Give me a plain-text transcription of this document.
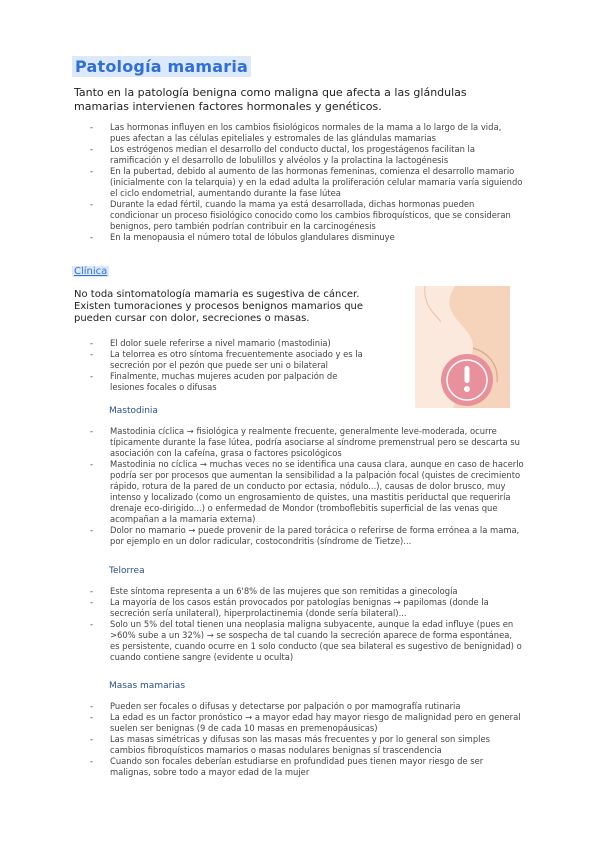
Patología mamaria
Tanto en la patología benigna como maligna que afecta a las glándulas mamarias intervienen factores hormonales y genéticos.
- Las hormonas influyen en los cambios fisiológicos normales de la mama a lo largo de la vida, pues afectan a las células epiteliales y estromales de las glándulas mamarias
- Los estrógenos median el desarrollo del conducto ductal, los progestágenos facilitan la ramificación y el desarrollo de lobulillos y alvéolos y la prolactina la lactogénesis
- En la pubertad, debido al aumento de las hormonas femeninas, comienza el desarrollo mamario (inicialmente con la telarquia) y en la edad adulta la proliferación celular mamaria varía siguiendo el ciclo endometrial, aumentando durante la fase lútea
- Durante la edad fértil, cuando la mama ya está desarrollada, dichas hormonas pueden condicionar un proceso fisiológico conocido como los cambios fibroquísticos, que se consideran benignos, pero también podrían contribuir en la carcinogénesis
- En la menopausia el número total de lóbulos glandulares disminuye
Clínica
No toda sintomatología mamaria es sugestiva de cáncer. Existen tumoraciones y procesos benignos mamarios que pueden cursar con dolor, secreciones o masas.
- El dolor suele referirse a nivel mamario (mastodinia)
- La telorrea es otro síntoma frecuentemente asociado y es la secreción por el pezón que puede ser uni o bilateral
- Finalmente, muchas mujeres acuden por palpación de lesiones focales o difusas
Mastodinia
- Mastodinia cíclica → fisiológica y realmente frecuente, generalmente leve-moderada, ocurre típicamente durante la fase lútea, podría asociarse al síndrome premenstrual pero se descarta su asociación con la cafeína, grasa o factores psicológicos
- Mastodinia no cíclica → muchas veces no se identifica una causa clara, aunque en caso de hacerlo podría ser por procesos que aumentan la sensibilidad a la palpación focal (quistes de crecimiento rápido, rotura de la pared de un conducto por ectasia, nódulo...), causas de dolor brusco, muy intenso y localizado (como un engrosamiento de quistes, una mastitis periductal que requeriría drenaje eco-dirigido...) o enfermedad de Mondor (tromboflebitis superficial de las venas que acompañan a la mamaria externa)
- Dolor no mamario → puede provenir de la pared torácica o referirse de forma errónea a la mama, por ejemplo en un dolor radicular, costocondritis (síndrome de Tietze)...
Telorrea
- Este síntoma representa a un 6'8% de las mujeres que son remitidas a ginecología
- La mayoría de los casos están provocados por patologías benignas → papilomas (donde la secreción sería unilateral), hiperprolactinemia (donde sería bilateral)...
- Solo un 5% del total tienen una neoplasia maligna subyacente, aunque la edad influye (pues en >60% sube a un 32%) → se sospecha de tal cuando la secreción aparece de forma espontánea, es persistente, cuando ocurre en 1 solo conducto (que sea bilateral es sugestivo de benignidad) o cuando contiene sangre (evidente u oculta)
Masas mamarias
- Pueden ser focales o difusas y detectarse por palpación o por mamografía rutinaria
- La edad es un factor pronóstico → a mayor edad hay mayor riesgo de malignidad pero en general suelen ser benignas (9 de cada 10 masas en premenopáusicas)
- Las masas simétricas y difusas son las masas más frecuentes y por lo general son simples cambios fibroquísticos mamarios o masas nodulares benignas sí trascendencia
- Cuando son focales deberían estudiarse en profundidad pues tienen mayor riesgo de ser malignas, sobre todo a mayor edad de la mujer
